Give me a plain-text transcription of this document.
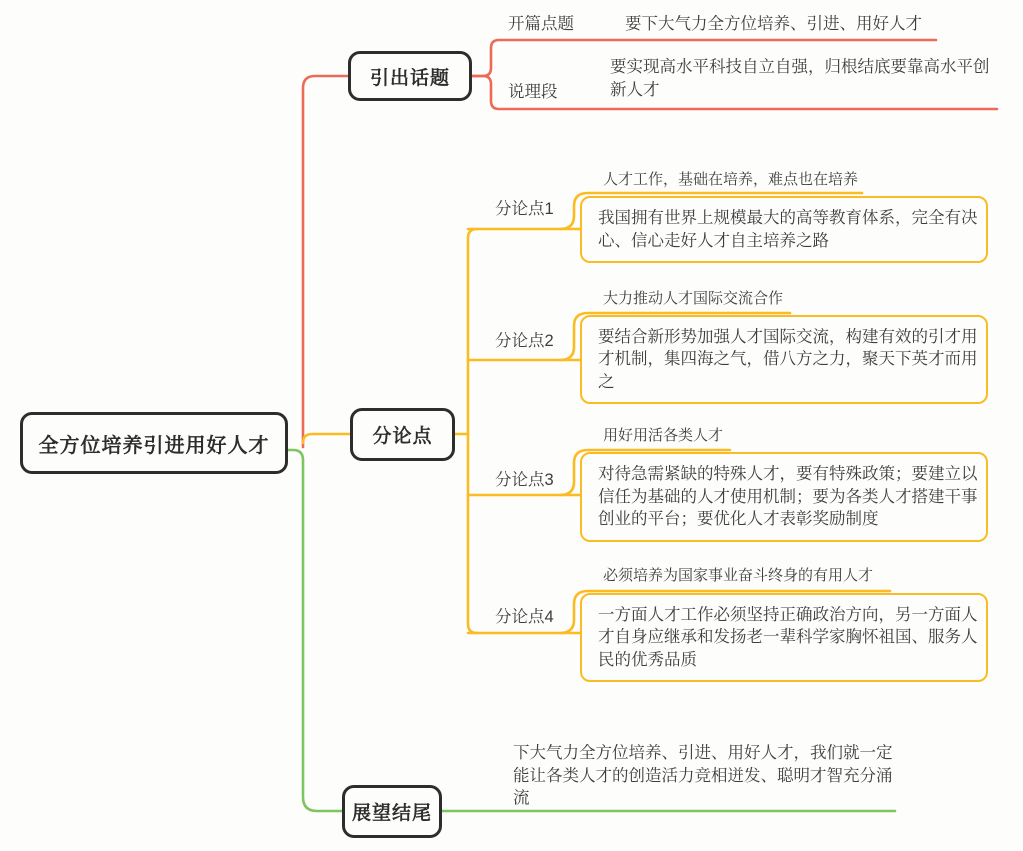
全方位培养引进用好人才
引出话题
分论点
展望结尾
开篇点题	要下大气力全方位培养、引进、用好人才
说理段
要实现高水平科技自立自强，归根结底要靠高水平创
新人才
分论点1
人才工作，基础在培养，难点也在培养
我国拥有世界上规模最大的高等教育体系，完全有决
心、信心走好人才自主培养之路
分论点2
大力推动人才国际交流合作
要结合新形势加强人才国际交流，构建有效的引才用
才机制，集四海之气，借八方之力，聚天下英才而用
之
分论点3
用好用活各类人才
对待急需紧缺的特殊人才，要有特殊政策；要建立以
信任为基础的人才使用机制；要为各类人才搭建干事
创业的平台；要优化人才表彰奖励制度
分论点4
必须培养为国家事业奋斗终身的有用人才
一方面人才工作必须坚持正确政治方向，另一方面人
才自身应继承和发扬老一辈科学家胸怀祖国、服务人
民的优秀品质
下大气力全方位培养、引进、用好人才，我们就一定
能让各类人才的创造活力竞相迸发、聪明才智充分涌
流
